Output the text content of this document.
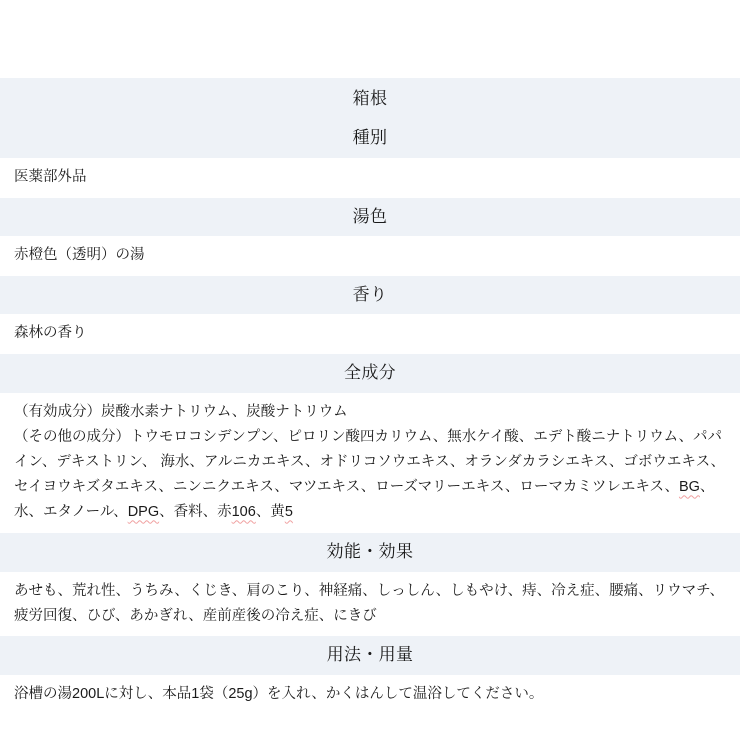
箱根
種別

医薬部外品

湯色

赤橙色（透明）の湯

香り

森林の香り

全成分

（有効成分）炭酸水素ナトリウム、炭酸ナトリウム

（その他の成分）トウモロコシデンプン、ピロリン酸四カリウム、無水ケイ酸、エデト酸ニナトリウム、パパイン、デキストリン、 海水、アルニカエキス、オドリコソウエキス、オランダカラシエキス、ゴボウエキス、セイヨウキズタエキス、ニンニクエキス、マツエキス、ローズマリーエキス、ローマカミツレエキス、BG、水、エタノール、DPG、香料、赤106、黄5

効能・効果

あせも、荒れ性、うちみ、くじき、肩のこり、神経痛、しっしん、しもやけ、痔、冷え症、腰痛、リウマチ、疲労回復、ひび、あかぎれ、産前産後の冷え症、にきび

用法・用量

浴槽の湯200Lに対し、本品1袋（25g）を入れ、かくはんして温浴してください。
